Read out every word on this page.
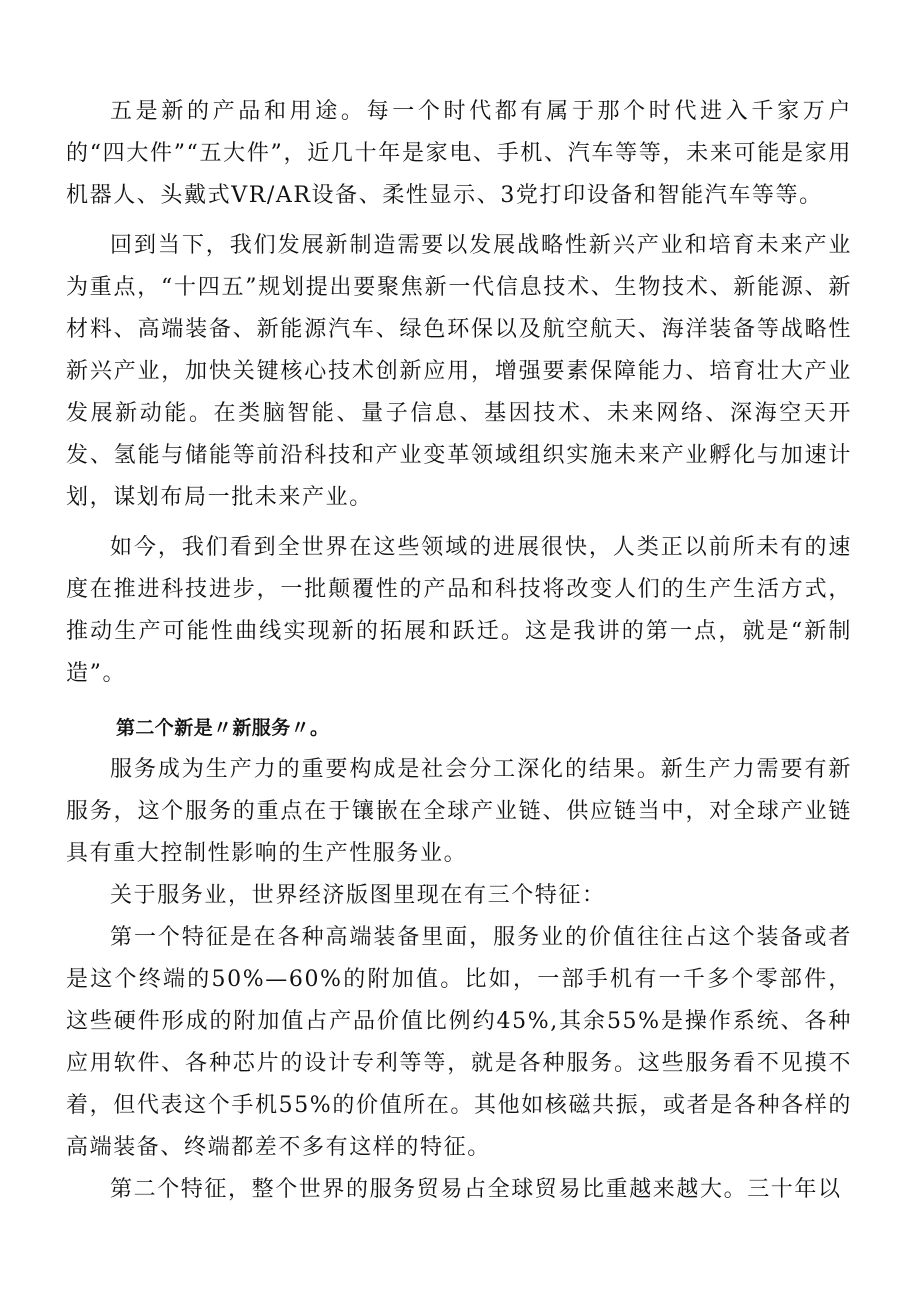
五是新的产品和用途。每一个时代都有属于那个时代进入千家万户的“四大件”“五大件”，近几十年是家电、手机、汽车等等，未来可能是家用机器人、头戴式VR/AR设备、柔性显示、3党打印设备和智能汽车等等。

回到当下，我们发展新制造需要以发展战略性新兴产业和培育未来产业为重点，“十四五”规划提出要聚焦新一代信息技术、生物技术、新能源、新材料、高端装备、新能源汽车、绿色环保以及航空航天、海洋装备等战略性新兴产业，加快关键核心技术创新应用，增强要素保障能力、培育壮大产业发展新动能。在类脑智能、量子信息、基因技术、未来网络、深海空天开发、氢能与储能等前沿科技和产业变革领域组织实施未来产业孵化与加速计划，谋划布局一批未来产业。

如今，我们看到全世界在这些领域的进展很快，人类正以前所未有的速度在推进科技进步，一批颠覆性的产品和科技将改变人们的生产生活方式，推动生产可能性曲线实现新的拓展和跃迁。这是我讲的第一点，就是“新制造”。

第二个新是〃新服务〃。

服务成为生产力的重要构成是社会分工深化的结果。新生产力需要有新服务，这个服务的重点在于镶嵌在全球产业链、供应链当中，对全球产业链具有重大控制性影响的生产性服务业。

关于服务业，世界经济版图里现在有三个特征：

第一个特征是在各种高端装备里面，服务业的价值往往占这个装备或者是这个终端的50%—60%的附加值。比如，一部手机有一千多个零部件，这些硬件形成的附加值占产品价值比例约45%,其余55%是操作系统、各种应用软件、各种芯片的设计专利等等，就是各种服务。这些服务看不见摸不着，但代表这个手机55%的价值所在。其他如核磁共振，或者是各种各样的高端装备、终端都差不多有这样的特征。

第二个特征，整个世界的服务贸易占全球贸易比重越来越大。三十年以
